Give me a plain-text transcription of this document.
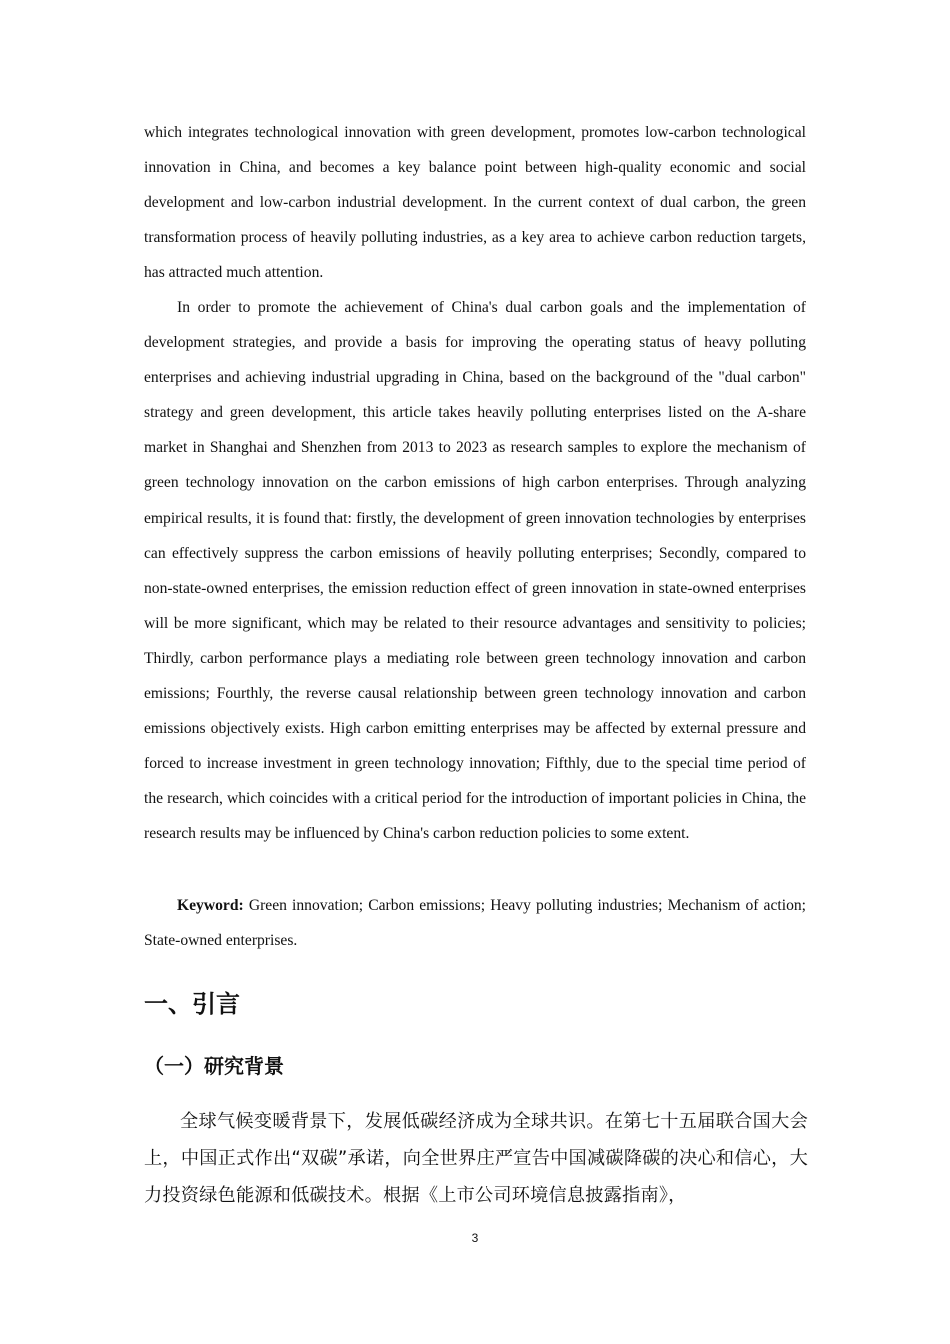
which integrates technological innovation with green development, promotes low-carbon technological innovation in China, and becomes a key balance point between high-quality economic and social development and low-carbon industrial development. In the current context of dual carbon, the green transformation process of heavily polluting industries, as a key area to achieve carbon reduction targets, has attracted much attention.

In order to promote the achievement of China's dual carbon goals and the implementation of development strategies, and provide a basis for improving the operating status of heavy polluting enterprises and achieving industrial upgrading in China, based on the background of the "dual carbon" strategy and green development, this article takes heavily polluting enterprises listed on the A-share market in Shanghai and Shenzhen from 2013 to 2023 as research samples to explore the mechanism of green technology innovation on the carbon emissions of high carbon enterprises. Through analyzing empirical results, it is found that: firstly, the development of green innovation technologies by enterprises can effectively suppress the carbon emissions of heavily polluting enterprises; Secondly, compared to non-state-owned enterprises, the emission reduction effect of green innovation in state-owned enterprises will be more significant, which may be related to their resource advantages and sensitivity to policies; Thirdly, carbon performance plays a mediating role between green technology innovation and carbon emissions; Fourthly, the reverse causal relationship between green technology innovation and carbon emissions objectively exists. High carbon emitting enterprises may be affected by external pressure and forced to increase investment in green technology innovation; Fifthly, due to the special time period of the research, which coincides with a critical period for the introduction of important policies in China, the research results may be influenced by China's carbon reduction policies to some extent.

Keyword: Green innovation; Carbon emissions; Heavy polluting industries; Mechanism of action; State-owned enterprises.

一、引言
（一）研究背景

全球气候变暖背景下，发展低碳经济成为全球共识。在第七十五届联合国大会上，中国正式作出“双碳”承诺，向全世界庄严宣告中国减碳降碳的决心和信心，大力投资绿色能源和低碳技术。根据《上市公司环境信息披露指南》，

3
